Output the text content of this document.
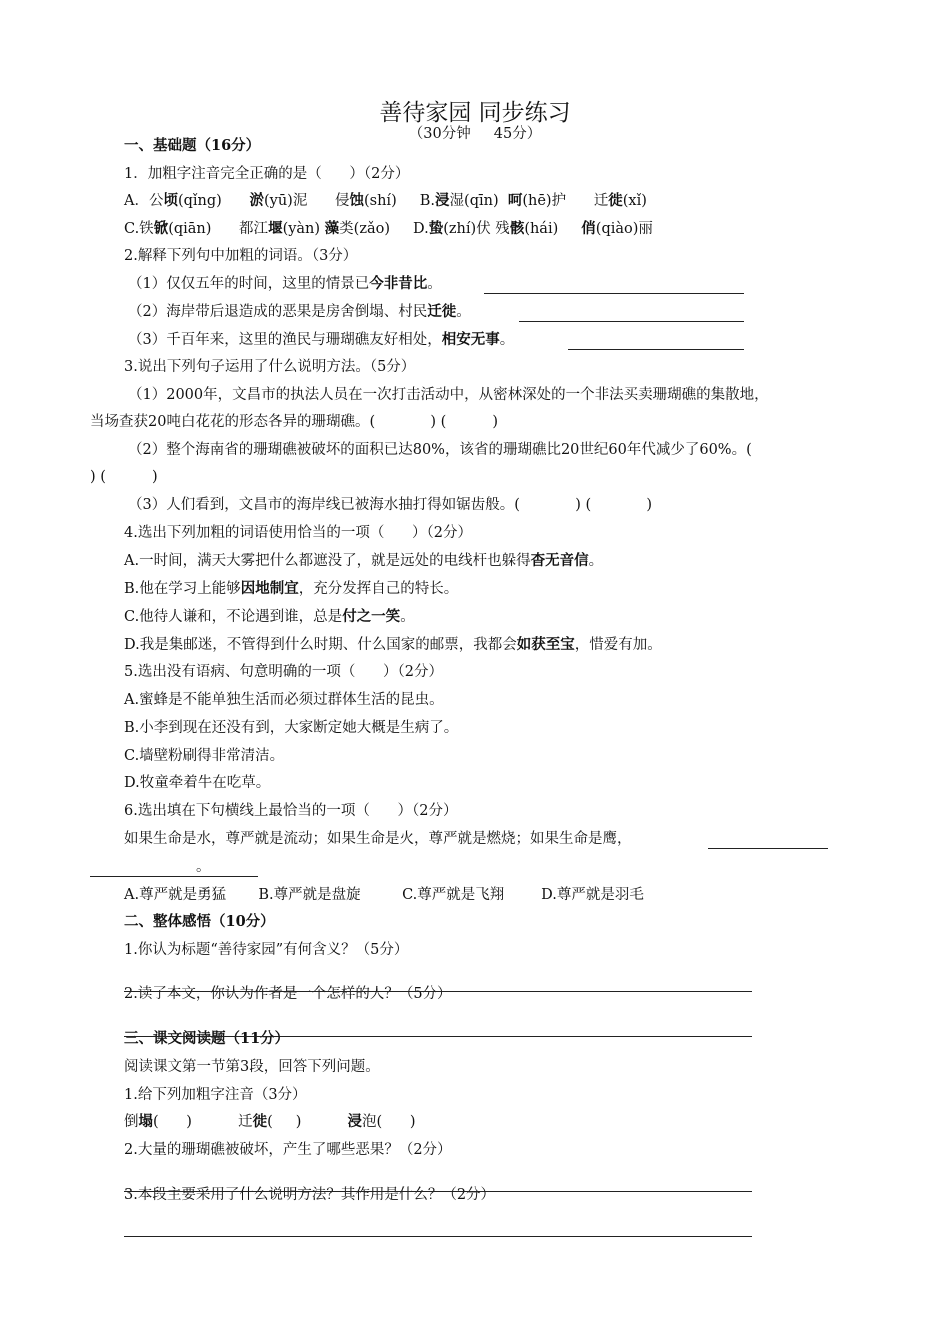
善待家园 同步练习
（30分钟     45分）
一、基础题（16分）
1．加粗字注音完全正确的是（      ）（2分）
A．公顷(qǐng)      淤(yū)泥      侵蚀(shí)     B.浸湿(qīn)  呵(hē)护      迁徙(xǐ)
C.铁锨(qiān)      都江堰(yàn) 藻类(zǎo)     D.蛰(zhí)伏 残骸(hái)     俏(qiào)丽
2.解释下列句中加粗的词语。（3分）
（1）仅仅五年的时间，这里的情景已今非昔比。
（2）海岸带后退造成的恶果是房舍倒塌、村民迁徙。
（3）千百年来，这里的渔民与珊瑚礁友好相处，相安无事。
3.说出下列句子运用了什么说明方法。（5分）
（1）2000年，文昌市的执法人员在一次打击活动中，从密林深处的一个非法买卖珊瑚礁的集散地，
当场查获20吨白花花的形态各异的珊瑚礁。(            ) (          )
（2）整个海南省的珊瑚礁被破坏的面积已达80%，该省的珊瑚礁比20世纪60年代减少了60%。(
) (          )
（3）人们看到，文昌市的海岸线已被海水抽打得如锯齿般。(            ) (            )
4.选出下列加粗的词语使用恰当的一项（      ）（2分）
A.一时间，满天大雾把什么都遮没了，就是远处的电线杆也躲得杳无音信。
B.他在学习上能够因地制宜，充分发挥自己的特长。
C.他待人谦和，不论遇到谁，总是付之一笑。
D.我是集邮迷，不管得到什么时期、什么国家的邮票，我都会如获至宝，惜爱有加。
5.选出没有语病、句意明确的一项（      ）（2分）
A.蜜蜂是不能单独生活而必须过群体生活的昆虫。
B.小李到现在还没有到，大家断定她大概是生病了。
C.墙壁粉刷得非常清洁。
D.牧童牵着牛在吃草。
6.选出填在下句横线上最恰当的一项（      ）（2分）
如果生命是水，尊严就是流动；如果生命是火，尊严就是燃烧；如果生命是鹰，
。
A.尊严就是勇猛       B.尊严就是盘旋         C.尊严就是飞翔        D.尊严就是羽毛
二、整体感悟（10分）
1.你认为标题“善待家园”有何含义？（5分）
2.读了本文，你认为作者是一个怎样的人？（5分）
三、课文阅读题（11分）
阅读课文第一节第3段，回答下列问题。
1.给下列加粗字注音（3分）
倒塌(      )          迁徙(     )          浸泡(      )
2.大量的珊瑚礁被破坏，产生了哪些恶果？（2分）
3.本段主要采用了什么说明方法？其作用是什么？（2分）
